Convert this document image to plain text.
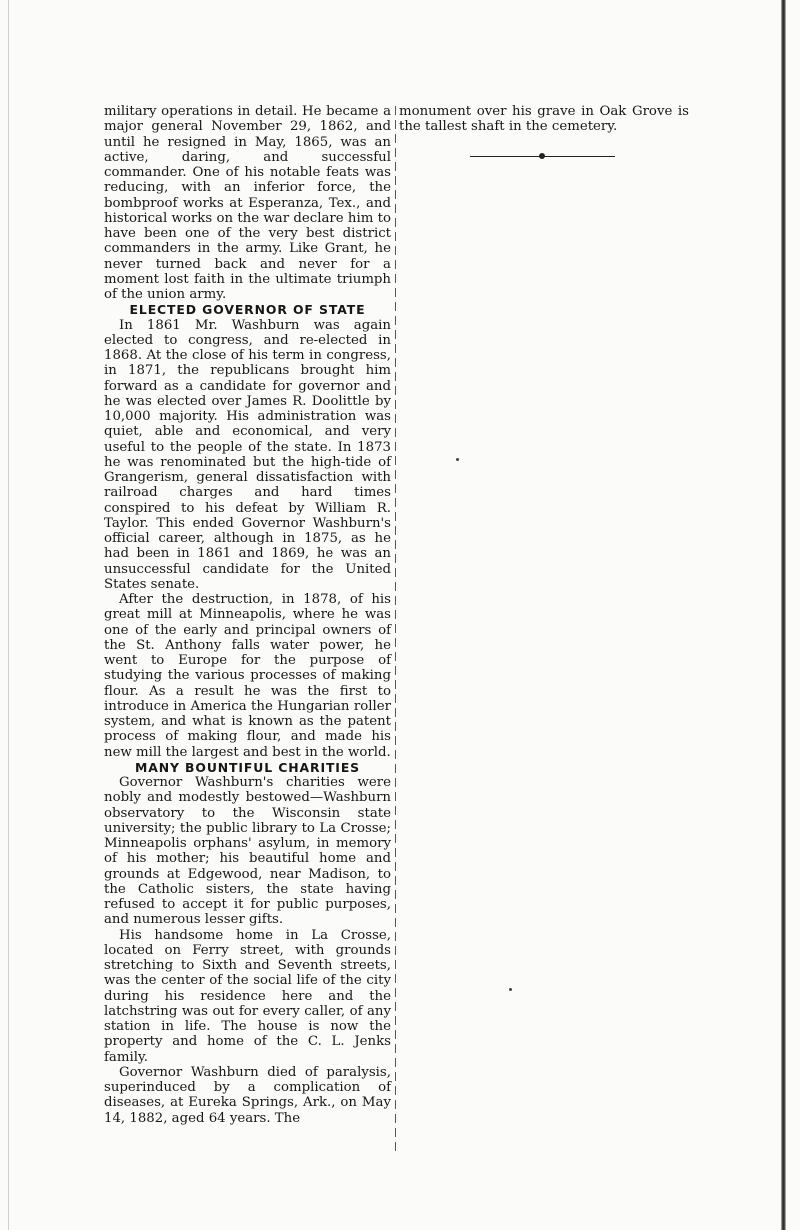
military operations in detail. He became a major general November 29, 1862, and until he resigned in May, 1865, was an active, daring, and successful commander. One of his notable feats was reducing, with an inferior force, the bombproof works at Esperanza, Tex., and historical works on the war declare him to have been one of the very best district commanders in the army. Like Grant, he never turned back and never for a moment lost faith in the ultimate triumph of the union army.

ELECTED GOVERNOR OF STATE

In 1861 Mr. Washburn was again elected to congress, and re-elected in 1868. At the close of his term in congress, in 1871, the republicans brought him forward as a candidate for governor and he was elected over James R. Doolittle by 10,000 majority. His administration was quiet, able and economical, and very useful to the people of the state. In 1873 he was renominated but the high-tide of Grangerism, general dissatisfaction with railroad charges and hard times conspired to his defeat by William R. Taylor. This ended Governor Washburn's official career, although in 1875, as he had been in 1861 and 1869, he was an unsuccessful candidate for the United States senate.

After the destruction, in 1878, of his great mill at Minneapolis, where he was one of the early and principal owners of the St. Anthony falls water power, he went to Europe for the purpose of studying the various processes of making flour. As a result he was the first to introduce in America the Hungarian roller system, and what is known as the patent process of making flour, and made his new mill the largest and best in the world.

MANY BOUNTIFUL CHARITIES

Governor Washburn's charities were nobly and modestly bestowed—Washburn observatory to the Wisconsin state university; the public library to La Crosse; Minneapolis orphans' asylum, in memory of his mother; his beautiful home and grounds at Edgewood, near Madison, to the Catholic sisters, the state having refused to accept it for public purposes, and numerous lesser gifts.

His handsome home in La Crosse, located on Ferry street, with grounds stretching to Sixth and Seventh streets, was the center of the social life of the city during his residence here and the latchstring was out for every caller, of any station in life. The house is now the property and home of the C. L. Jenks family.

Governor Washburn died of paralysis, superinduced by a complication of diseases, at Eureka Springs, Ark., on May 14, 1882, aged 64 years. The

monument over his grave in Oak Grove is the tallest shaft in the cemetery.
